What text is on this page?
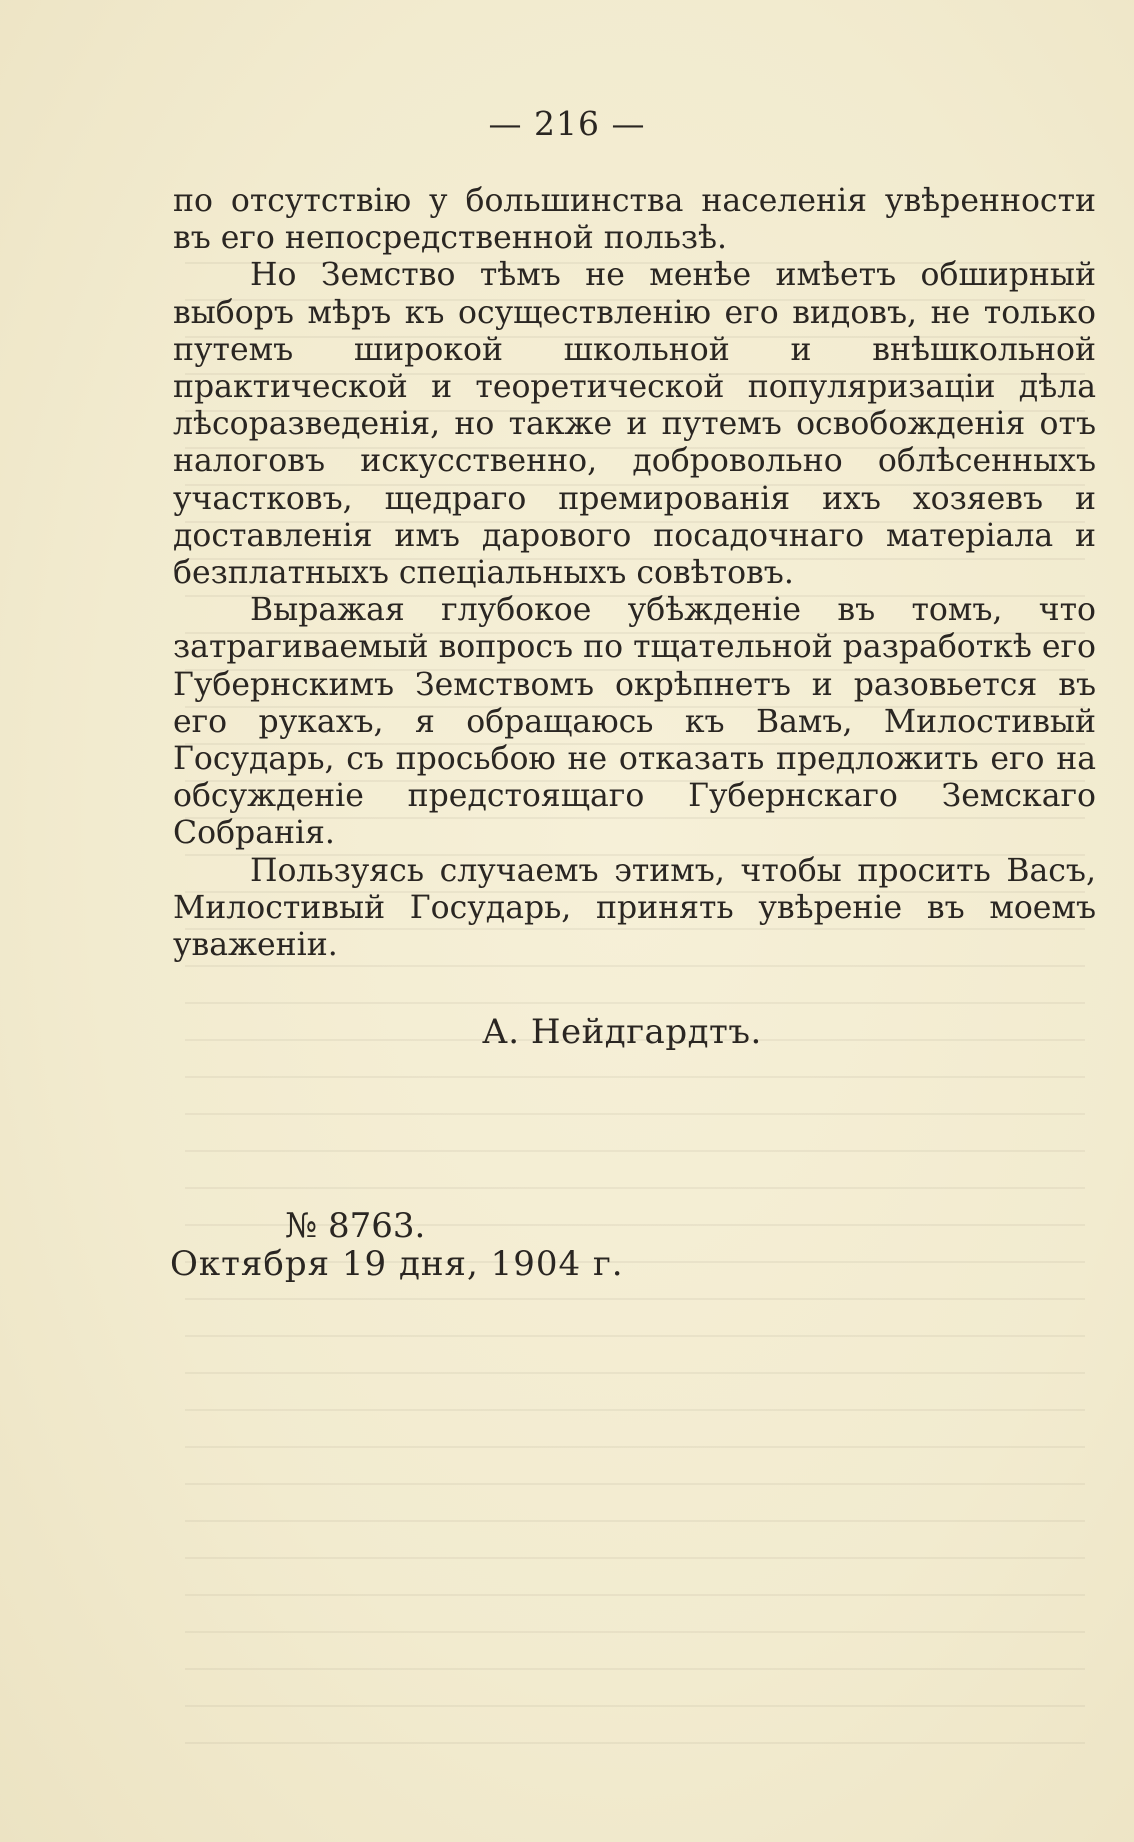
— 216 —

по отсутствію у большинства населенія увѣренности въ его непосредственной пользѣ.

Но Земство тѣмъ не менѣе имѣетъ обширный выборъ мѣръ къ осуществленію его видовъ, не только путемъ широкой школьной и внѣшкольной практической и теоретической популяризаціи дѣла лѣсоразведенія, но также и путемъ освобожденія отъ налоговъ искусственно, добровольно облѣсенныхъ участковъ, щедраго премированія ихъ хозяевъ и доставленія имъ дарового посадочнаго матеріала и безплатныхъ спеціальныхъ совѣтовъ.

Выражая глубокое убѣжденіе въ томъ, что затрагиваемый вопросъ по тщательной разработкѣ его Губернскимъ Земствомъ окрѣпнетъ и разовьется въ его рукахъ, я обращаюсь къ Вамъ, Милостивый Государь, съ просьбою не отказать предложить его на обсужденіе предстоящаго Губернскаго Земскаго Собранія.

Пользуясь случаемъ этимъ, чтобы просить Васъ, Милостивый Государь, принять увѣреніе въ моемъ уваженіи.

А. Нейдгардтъ.
№ 8763.
Октября 19 дня, 1904 г.
